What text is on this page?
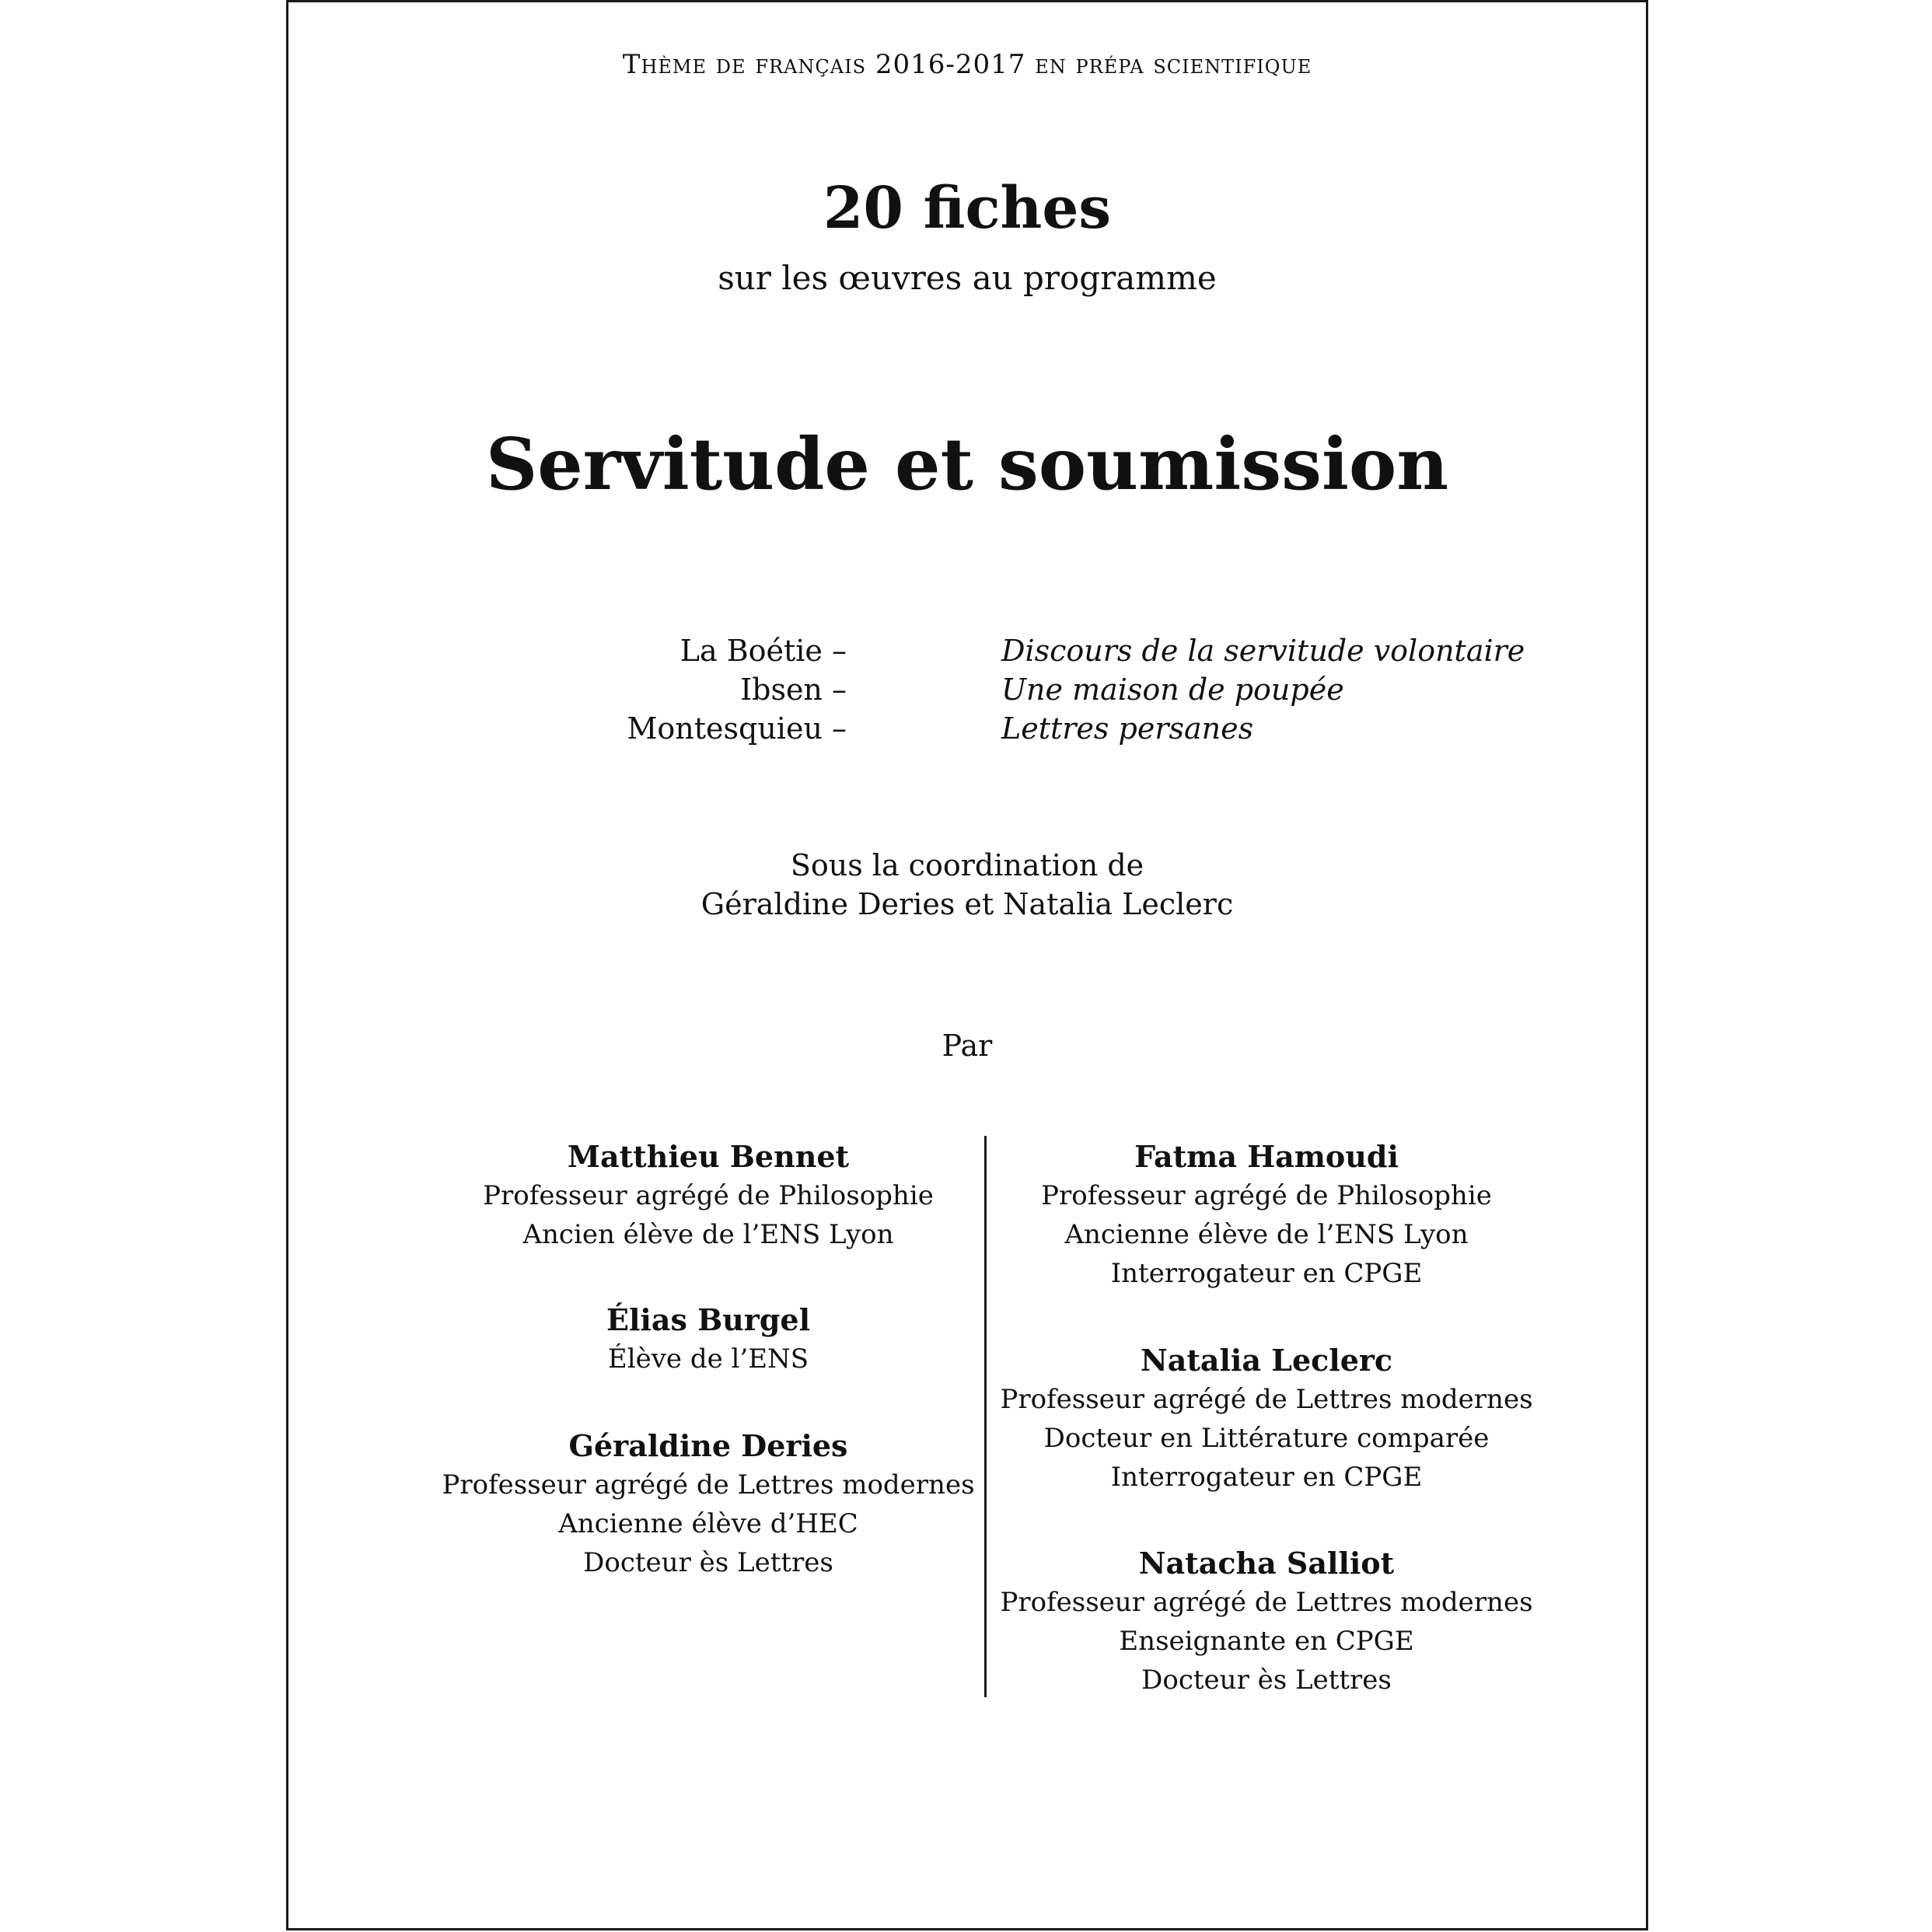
Thème de français 2016-2017 en prépa scientifique
20 fiches
sur les œuvres au programme
Servitude et soumission
La Boétie –	Discours de la servitude volontaire
Ibsen –	Une maison de poupée
Montesquieu –	Lettres persanes
Sous la coordination de
Géraldine Deries et Natalia Leclerc
Par
Matthieu Bennet
Professeur agrégé de Philosophie
Ancien élève de l’ENS Lyon
Élias Burgel
Élève de l’ENS
Géraldine Deries
Professeur agrégé de Lettres modernes
Ancienne élève d’HEC
Docteur ès Lettres
Fatma Hamoudi
Professeur agrégé de Philosophie
Ancienne élève de l’ENS Lyon
Interrogateur en CPGE
Natalia Leclerc
Professeur agrégé de Lettres modernes
Docteur en Littérature comparée
Interrogateur en CPGE
Natacha Salliot
Professeur agrégé de Lettres modernes
Enseignante en CPGE
Docteur ès Lettres
